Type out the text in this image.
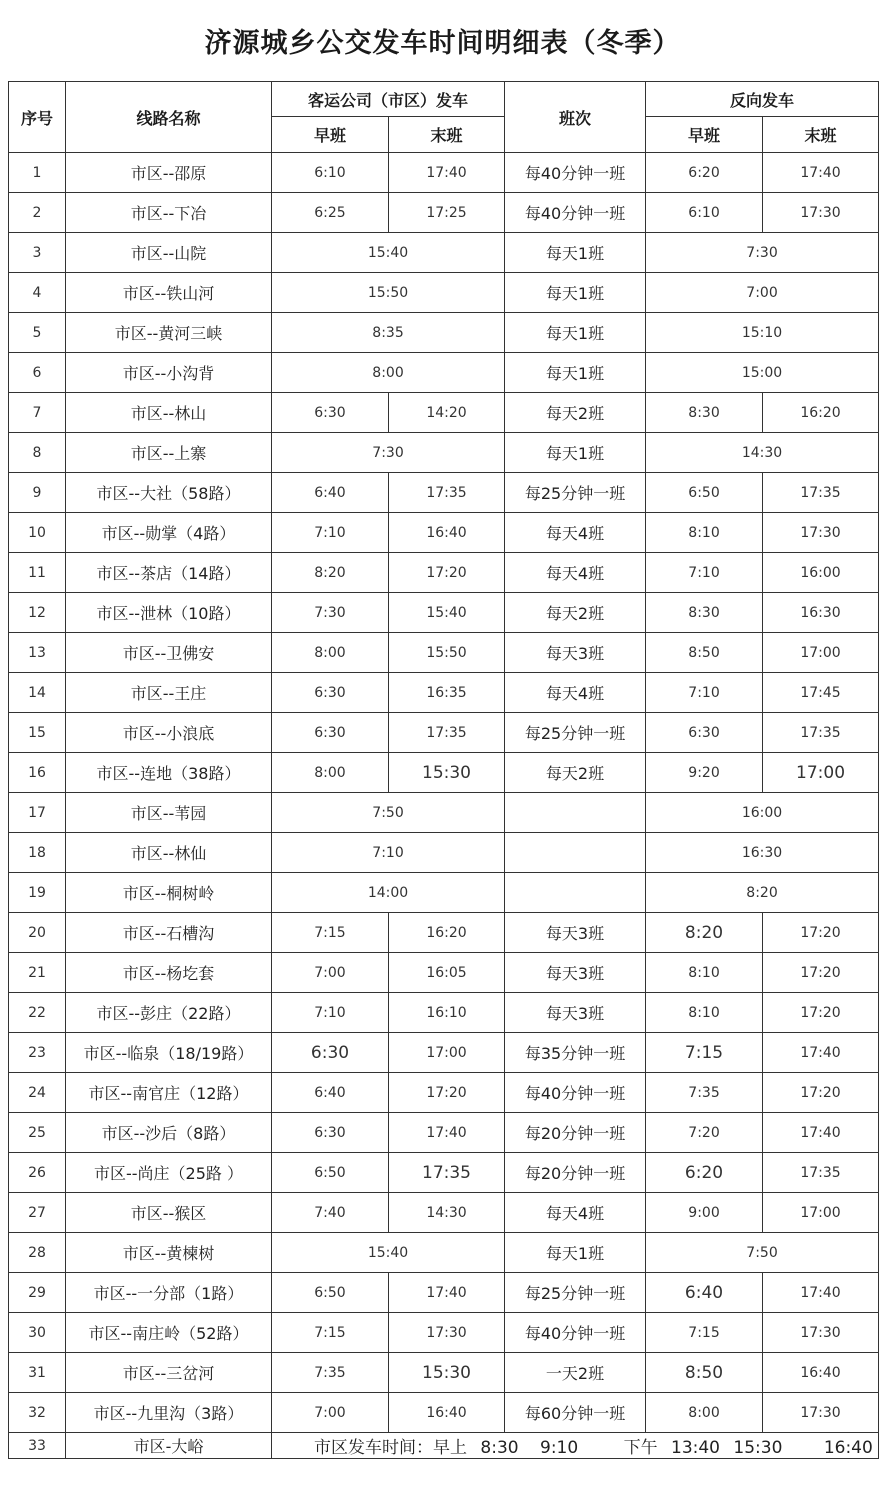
济源城乡公交发车时间明细表（冬季）
序号	线路名称	客运公司（市区）发车		班次	反向发车	
		早班	末班		早班	末班
1	市区--邵原	6:10	17:40	每40分钟一班	6:20	17:40
2	市区--下冶	6:25	17:25	每40分钟一班	6:10	17:30
3	市区--山院	15:40		每天1班	7:30	
4	市区--铁山河	15:50		每天1班	7:00	
5	市区--黄河三峡	8:35		每天1班	15:10	
6	市区--小沟背	8:00		每天1班	15:00	
7	市区--林山	6:30	14:20	每天2班	8:30	16:20
8	市区--上寨	7:30		每天1班	14:30	
9	市区--大社（58路）	6:40	17:35	每25分钟一班	6:50	17:35
10	市区--勋掌（4路）	7:10	16:40	每天4班	8:10	17:30
11	市区--茶店（14路）	8:20	17:20	每天4班	7:10	16:00
12	市区--泄林（10路）	7:30	15:40	每天2班	8:30	16:30
13	市区--卫佛安	8:00	15:50	每天3班	8:50	17:00
14	市区--王庄	6:30	16:35	每天4班	7:10	17:45
15	市区--小浪底	6:30	17:35	每25分钟一班	6:30	17:35
16	市区--连地（38路）	8:00	15:30	每天2班	9:20	17:00
17	市区--苇园	7:50			16:00	
18	市区--林仙	7:10			16:30	
19	市区--桐树岭	14:00			8:20	
20	市区--石槽沟	7:15	16:20	每天3班	8:20	17:20
21	市区--杨圪套	7:00	16:05	每天3班	8:10	17:20
22	市区--彭庄（22路）	7:10	16:10	每天3班	8:10	17:20
23	市区--临泉（18/19路）	6:30	17:00	每35分钟一班	7:15	17:40
24	市区--南官庄（12路）	6:40	17:20	每40分钟一班	7:35	17:20
25	市区--沙后（8路）	6:30	17:40	每20分钟一班	7:20	17:40
26	市区--尚庄（25路 ）	6:50	17:35	每20分钟一班	6:20	17:35
27	市区--猴区	7:40	14:30	每天4班	9:00	17:00
28	市区--黄楝树	15:40		每天1班	7:50	
29	市区--一分部（1路）	6:50	17:40	每25分钟一班	6:40	17:40
30	市区--南庄岭（52路）	7:15	17:30	每40分钟一班	7:15	17:30
31	市区--三岔河	7:35	15:30	一天2班	8:50	16:40
32	市区--九里沟（3路）	7:00	16:40	每60分钟一班	8:00	17:30
33	市区-大峪	市区发车时间：早上 8:30 9:10 下午 13:40 15:30 16:40				
